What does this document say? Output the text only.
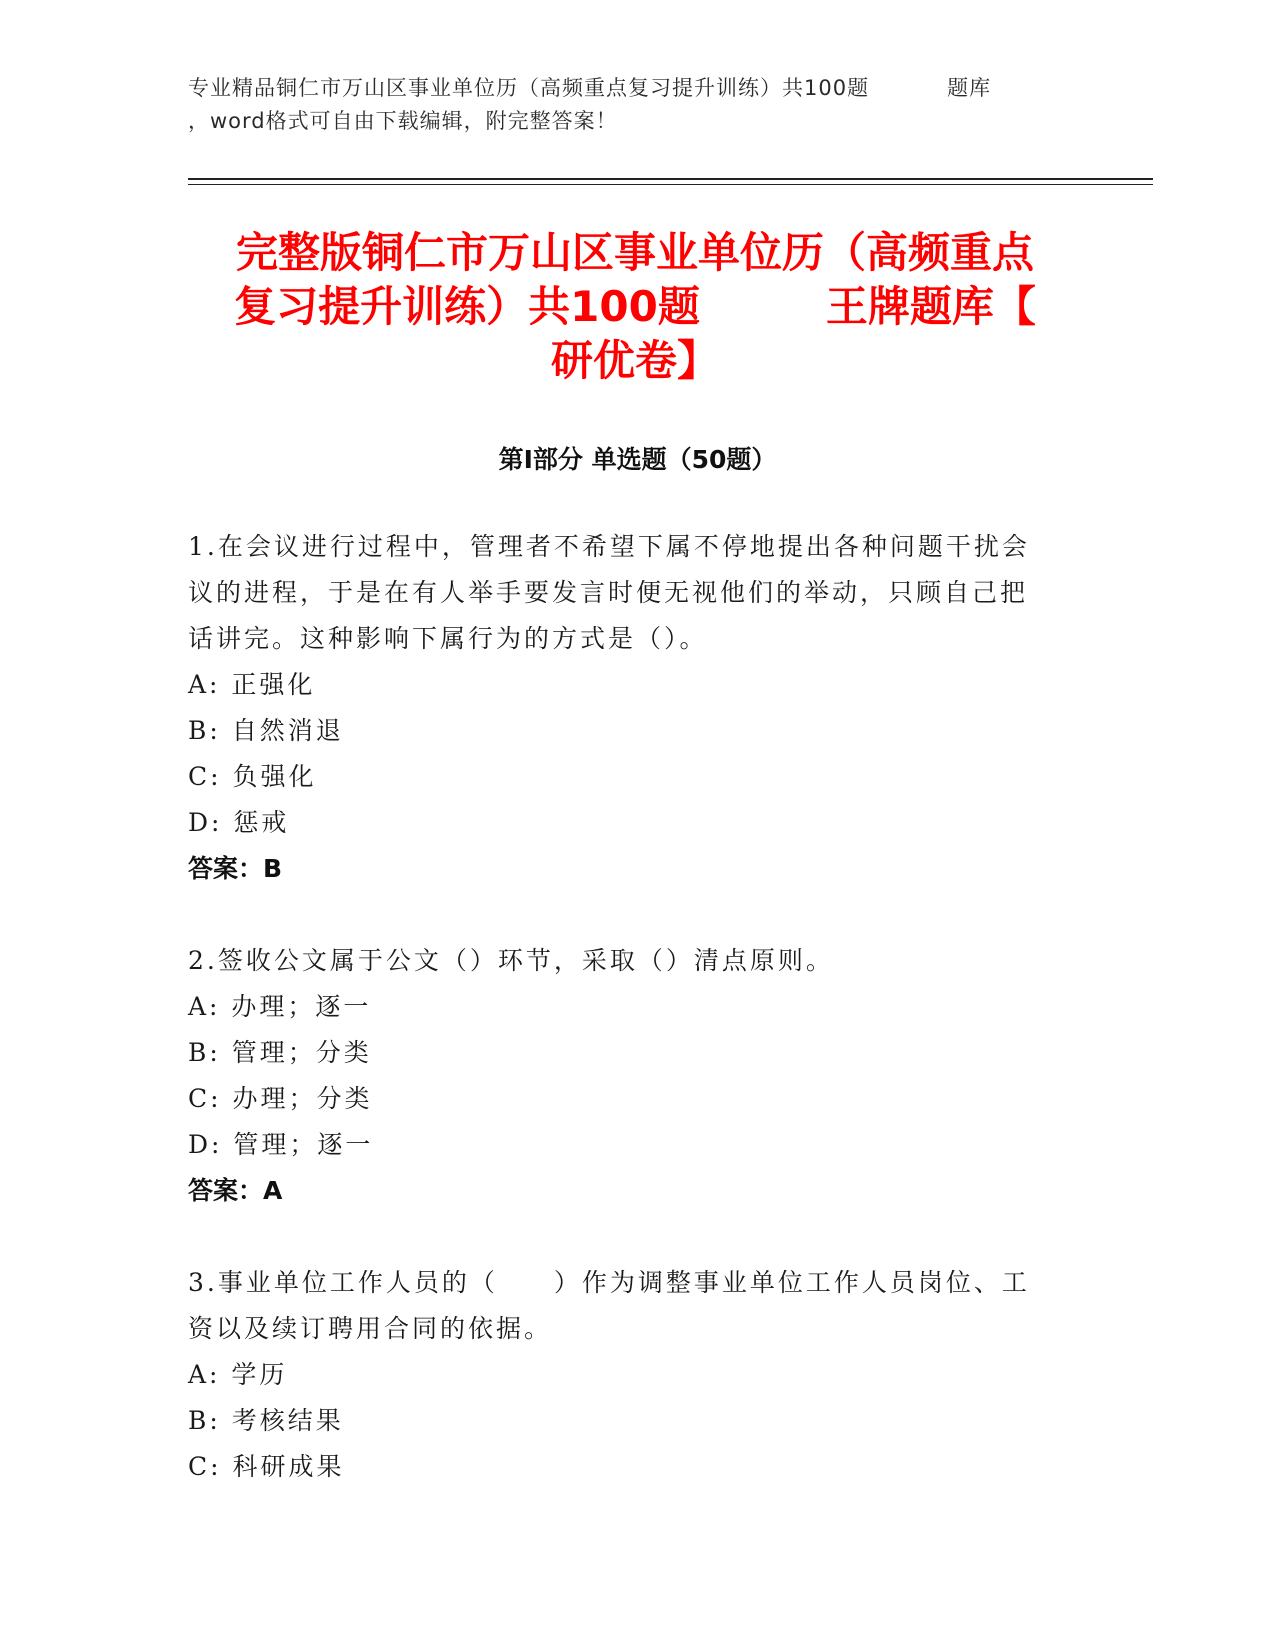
专业精品铜仁市万山区事业单位历（高频重点复习提升训练）共100题	题库
，word格式可自由下载编辑，附完整答案！
完整版铜仁市万山区事业单位历（高频重点
复习提升训练）共100题　　　王牌题库【
研优卷】
第I部分 单选题（50题）
1.在会议进行过程中，管理者不希望下属不停地提出各种问题干扰会
议的进程，于是在有人举手要发言时便无视他们的举动，只顾自己把
话讲完。这种影响下属行为的方式是（）。
A: 正强化
B: 自然消退
C: 负强化
D: 惩戒
答案：B
2.签收公文属于公文（）环节，采取（）清点原则。
A: 办理；逐一
B: 管理；分类
C: 办理；分类
D: 管理；逐一
答案：A
3.事业单位工作人员的（　　）作为调整事业单位工作人员岗位、工
资以及续订聘用合同的依据。
A: 学历
B: 考核结果
C: 科研成果
